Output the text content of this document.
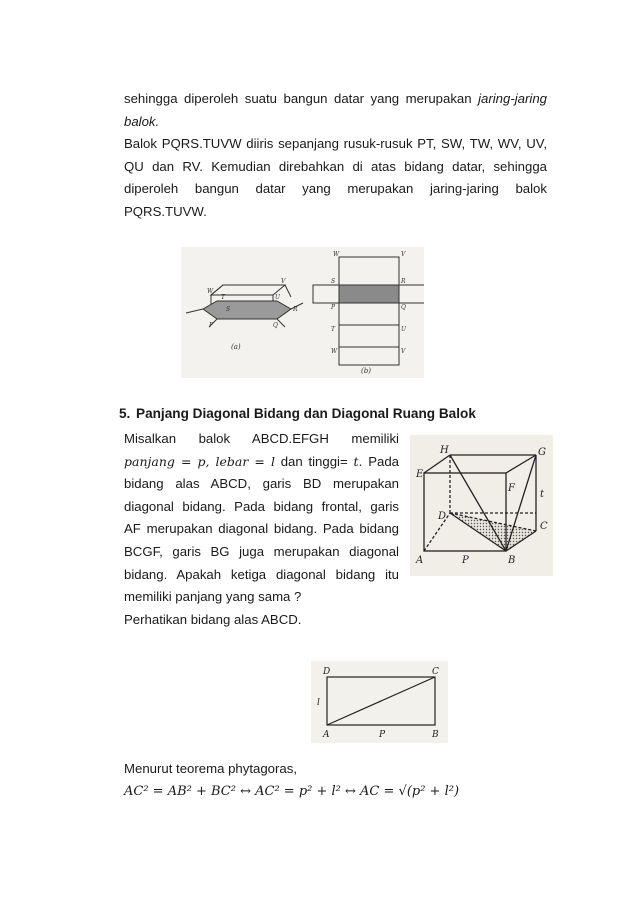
sehingga diperoleh suatu bangun datar yang merupakan jaring-jaring
balok.
Balok PQRS.TUVW diiris sepanjang rusuk-rusuk PT, SW, TW, WV, UV,
QU dan RV. Kemudian direbahkan di atas bidang datar, sehingga
diperoleh bangun datar yang merupakan jaring-jaring balok
PQRS.TUVW.
W
V
T	U
S	R
P	Q
W	V
S	R
P	Q
T	U
W	V
(a)
(b)
5. Panjang Diagonal Bidang dan Diagonal Ruang Balok
Misalkan balok ABCD.EFGH memiliki
panjang = p, lebar = l dan tinggi= t. Pada
bidang alas ABCD, garis BD merupakan
diagonal bidang. Pada bidang frontal, garis
AF merupakan diagonal bidang. Pada bidang
BCGF, garis BG juga merupakan diagonal
bidang. Apakah ketiga diagonal bidang itu
memiliki panjang yang sama ?
Perhatikan bidang alas ABCD.
H	G
E
F
D
C
A	P	B
t
D	C
A	B
l
P
Menurut teorema phytagoras,
AC² = AB² + BC² ↔ AC² = p² + l² ↔ AC = √(p² + l²)
